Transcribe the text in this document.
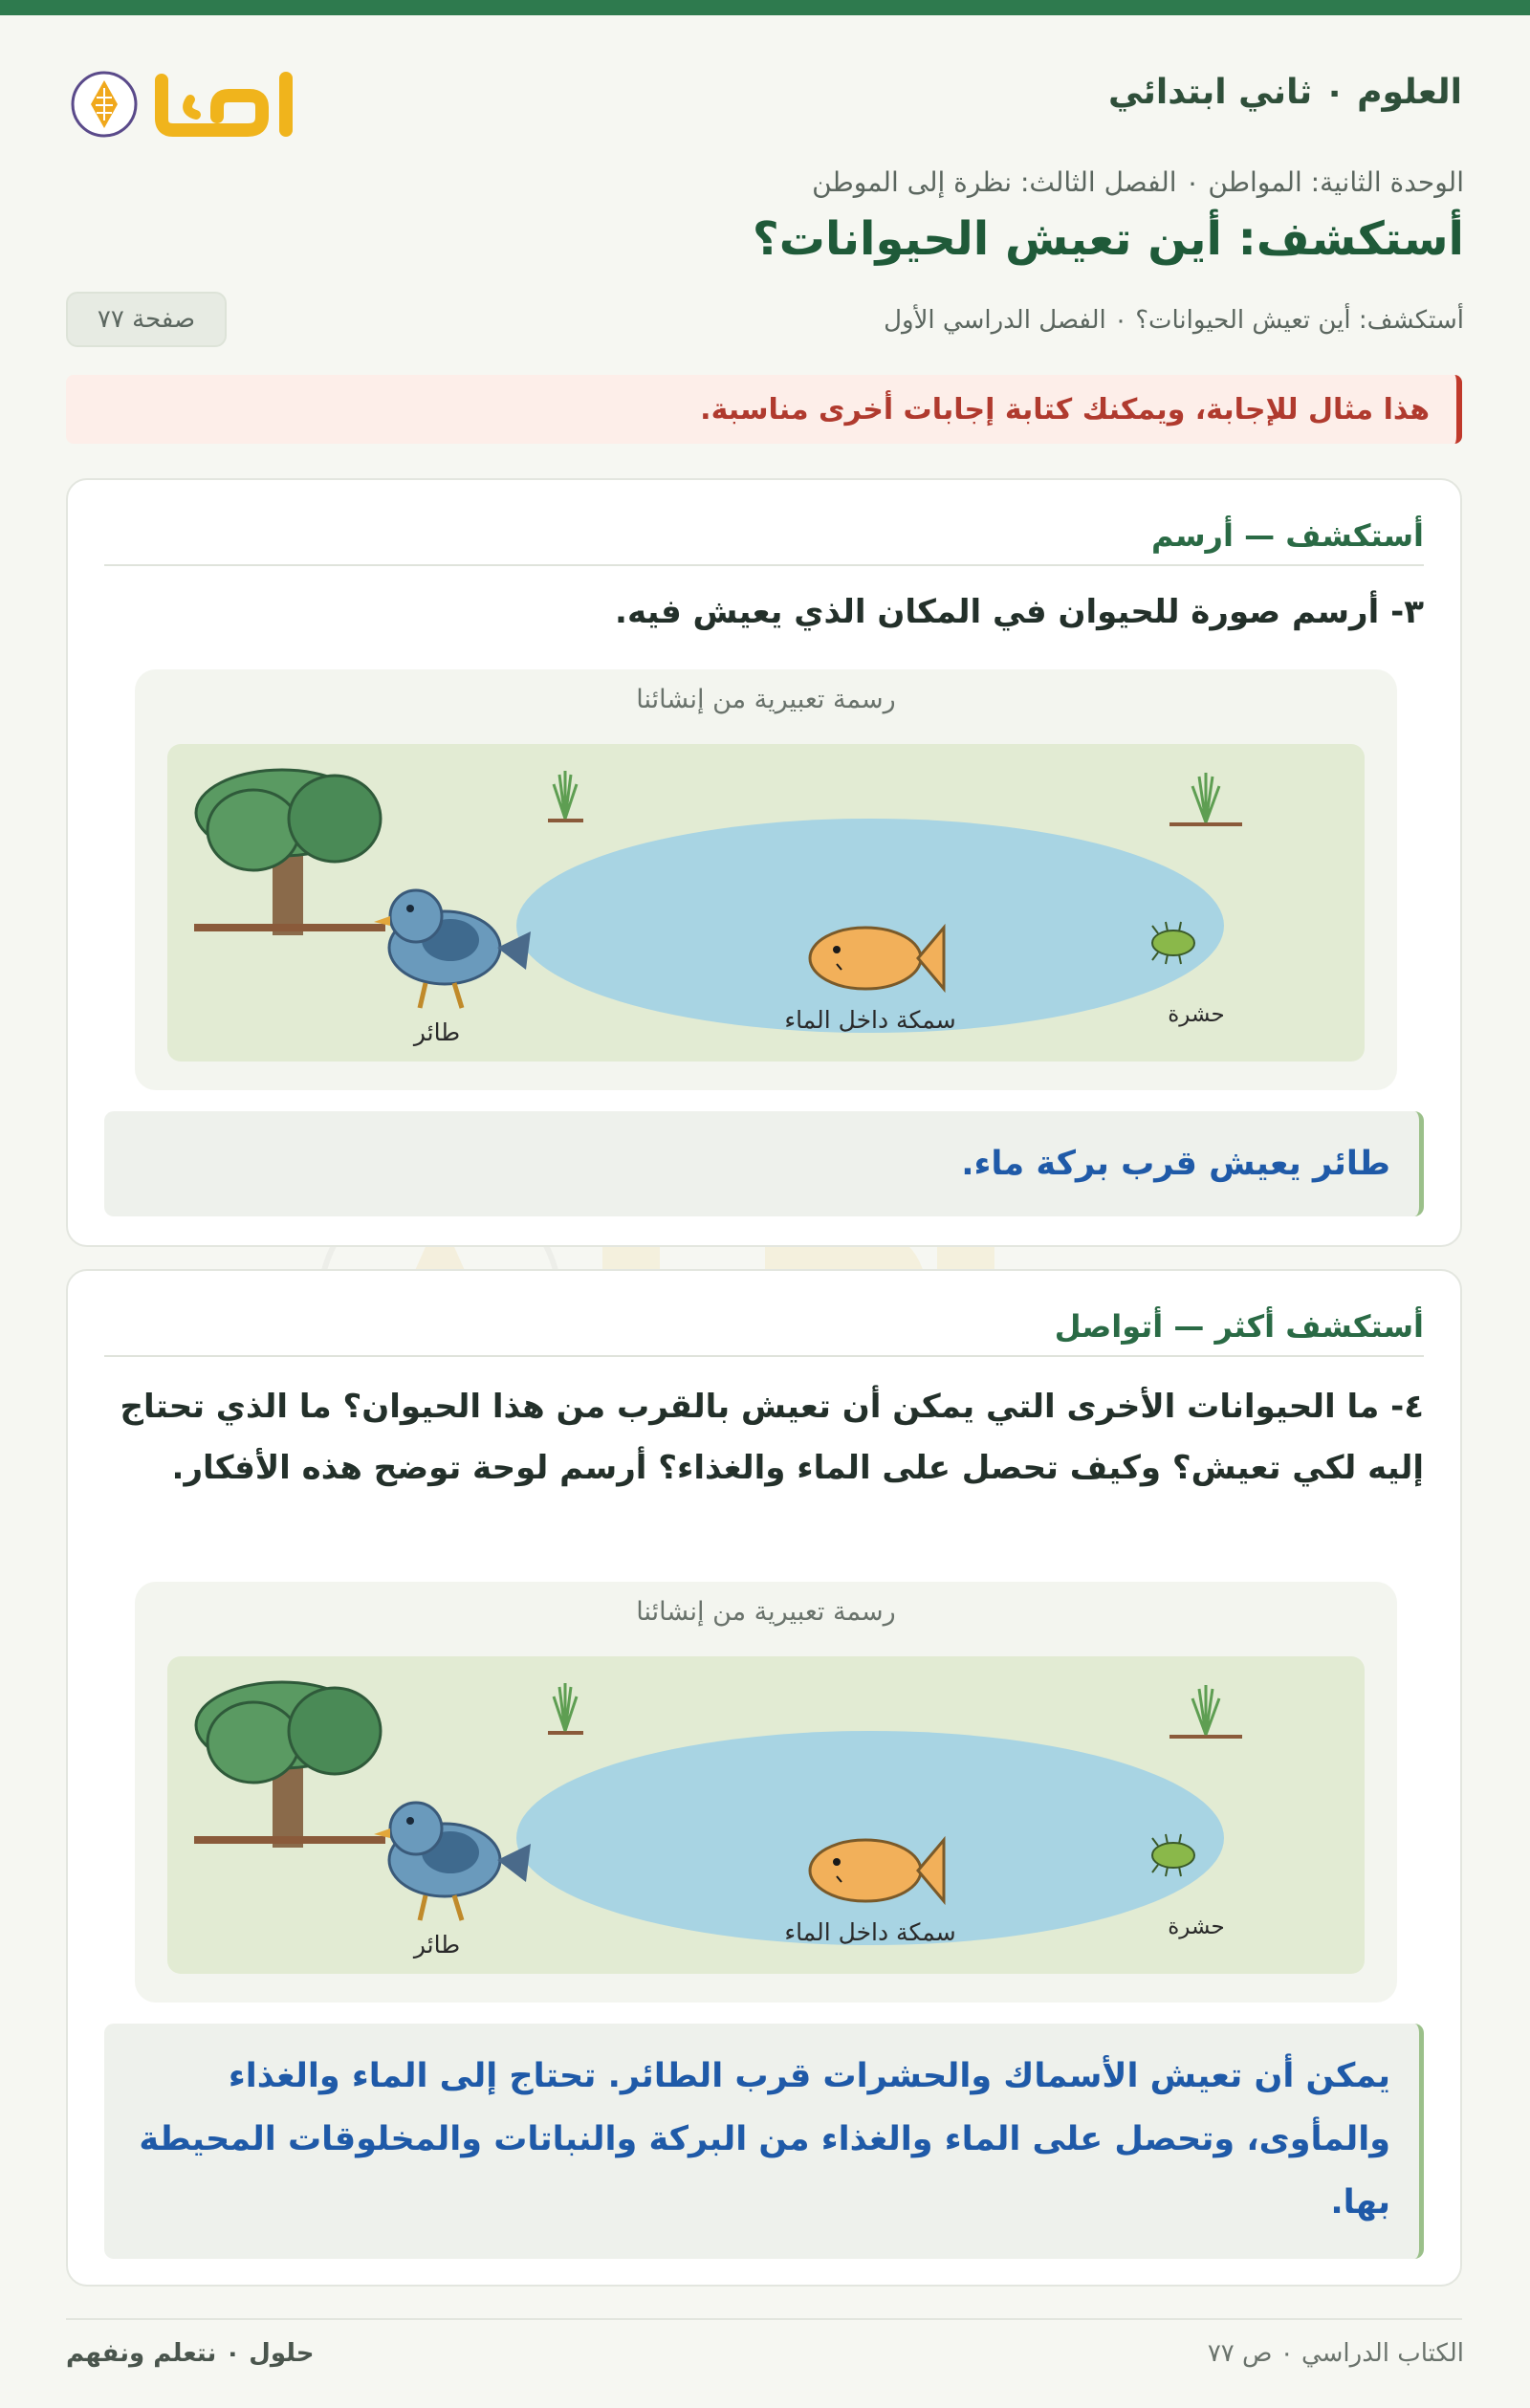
العلوم ٠ ثاني ابتدائي
الوحدة الثانية: المواطن ٠ الفصل الثالث: نظرة إلى الموطن
أستكشف: أين تعيش الحيوانات؟
أستكشف: أين تعيش الحيوانات؟ ٠ الفصل الدراسي الأول
صفحة ٧٧
هذا مثال للإجابة، ويمكنك كتابة إجابات أخرى مناسبة.
أستكشف — أرسم
٣- أرسم صورة للحيوان في المكان الذي يعيش فيه.
رسمة تعبيرية من إنشائنا
طائر	سمكة داخل الماء	حشرة
طائر يعيش قرب بركة ماء.
أستكشف أكثر — أتواصل
٤- ما الحيوانات الأخرى التي يمكن أن تعيش بالقرب من هذا الحيوان؟ ما الذي تحتاج إليه لكي تعيش؟ وكيف تحصل على الماء والغذاء؟ أرسم لوحة توضح هذه الأفكار.
رسمة تعبيرية من إنشائنا
طائر	سمكة داخل الماء	حشرة
يمكن أن تعيش الأسماك والحشرات قرب الطائر. تحتاج إلى الماء والغذاء والمأوى، وتحصل على الماء والغذاء من البركة والنباتات والمخلوقات المحيطة بها.
الكتاب الدراسي ٠ ص ٧٧
حلول ٠ نتعلم ونفهم
